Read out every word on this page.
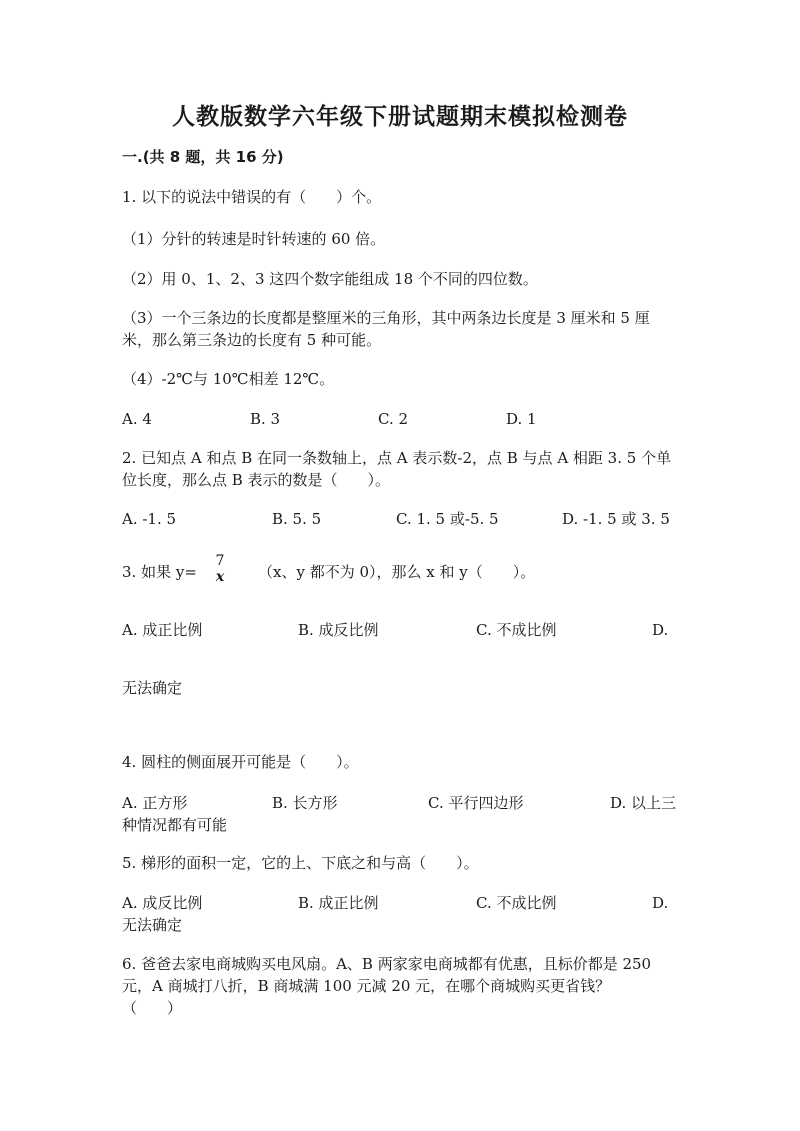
人教版数学六年级下册试题期末模拟检测卷
一.(共 8 题，共 16 分)
1. 以下的说法中错误的有（　　）个。
（1）分针的转速是时针转速的 60 倍。
（2）用 0、1、2、3 这四个数字能组成 18 个不同的四位数。
（3）一个三条边的长度都是整厘米的三角形，其中两条边长度是 3 厘米和 5 厘
米，那么第三条边的长度有 5 种可能。
（4）-2℃与 10℃相差 12℃。
A. 4	B. 3	C. 2	D. 1
2. 已知点 A 和点 B 在同一条数轴上，点 A 表示数-2，点 B 与点 A 相距 3. 5 个单
位长度，那么点 B 表示的数是（　　）。
A. -1. 5	B. 5. 5	C. 1. 5 或-5. 5	D. -1. 5 或 3. 5
3. 如果 y=
7
x （x、y 都不为 0），那么 x 和 y（　　）。
A. 成正比例	B. 成反比例	C. 不成比例	D.
无法确定
4. 圆柱的侧面展开可能是（　　）。
A. 正方形	B. 长方形	C. 平行四边形	D. 以上三
种情况都有可能
5. 梯形的面积一定，它的上、下底之和与高（　　）。
A. 成反比例	B. 成正比例	C. 不成比例	D.
无法确定
6. 爸爸去家电商城购买电风扇。A、B 两家家电商城都有优惠，且标价都是 250
元，A 商城打八折，B 商城满 100 元减 20 元，在哪个商城购买更省钱？
（　　）
